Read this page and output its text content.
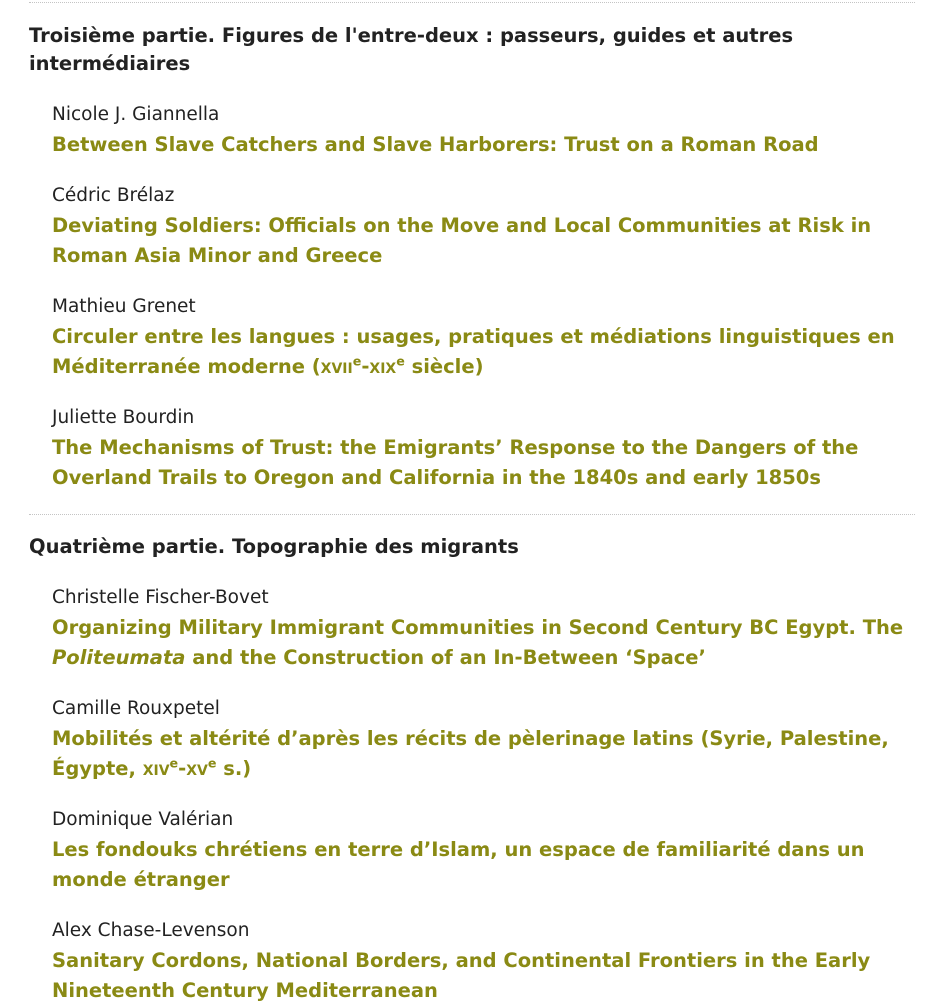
Troisième partie. Figures de l'entre-deux : passeurs, guides et autres intermédiaires
Nicole J. Giannella
Between Slave Catchers and Slave Harborers: Trust on a Roman Road
Cédric Brélaz
Deviating Soldiers: Officials on the Move and Local Communities at Risk in Roman Asia Minor and Greece
Mathieu Grenet
Circuler entre les langues : usages, pratiques et médiations linguistiques en Méditerranée moderne (xvii$^e$-xix$^e$ siècle)
Juliette Bourdin
The Mechanisms of Trust: the Emigrants’ Response to the Dangers of the Overland Trails to Oregon and California in the 1840s and early 1850s
Quatrième partie. Topographie des migrants
Christelle Fischer-Bovet
Organizing Military Immigrant Communities in Second Century BC Egypt. The Politeumata and the Construction of an In-Between ‘Space’
Camille Rouxpetel
Mobilités et altérité d’après les récits de pèlerinage latins (Syrie, Palestine, Égypte, $xiv^e-xv^e$ s.)
Dominique Valérian
Les fondouks chrétiens en terre d’Islam, un espace de familiarité dans un monde étranger
Alex Chase-Levenson
Sanitary Cordons, National Borders, and Continental Frontiers in the Early Nineteenth Century Mediterranean
